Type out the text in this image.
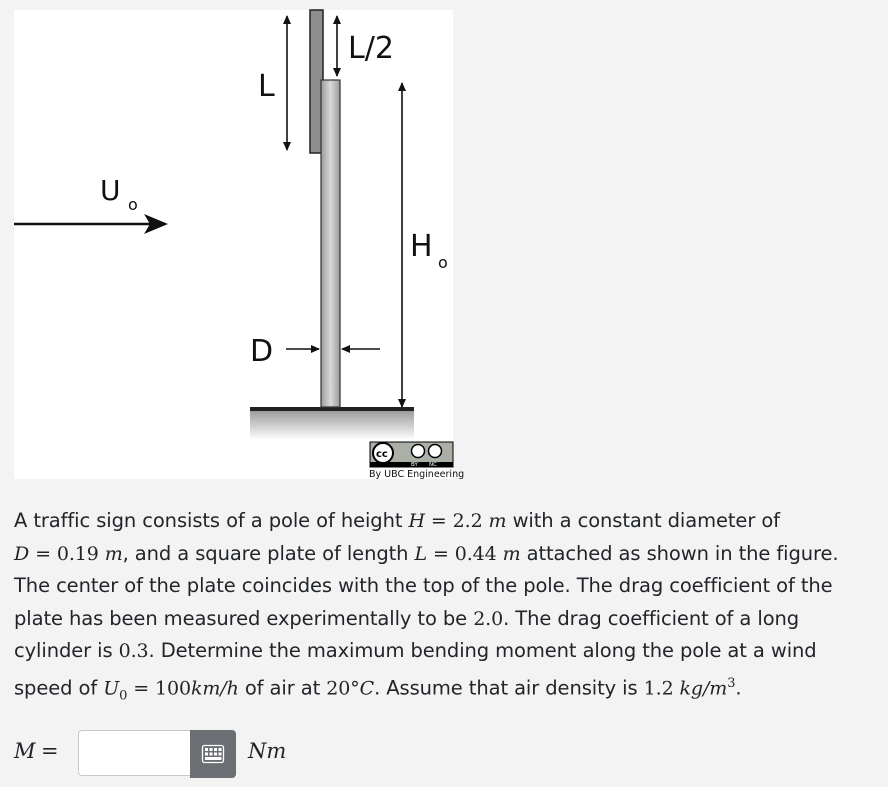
L/2
L
U o
H o
D
cc
BY NC
By UBC Engineering
A traffic sign consists of a pole of height H = 2.2 m with a constant diameter of
D = 0.19 m, and a square plate of length L = 0.44 m attached as shown in the figure. The center of the plate coincides with the top of the pole. The drag coefficient of the plate has been measured experimentally to be 2.0. The drag coefficient of a long cylinder is 0.3. Determine the maximum bending moment along the pole at a wind speed of $U_0 = 100km/h$ of air at 20°C. Assume that air density is 1.2 $kg/m^3$.
M =	Nm
